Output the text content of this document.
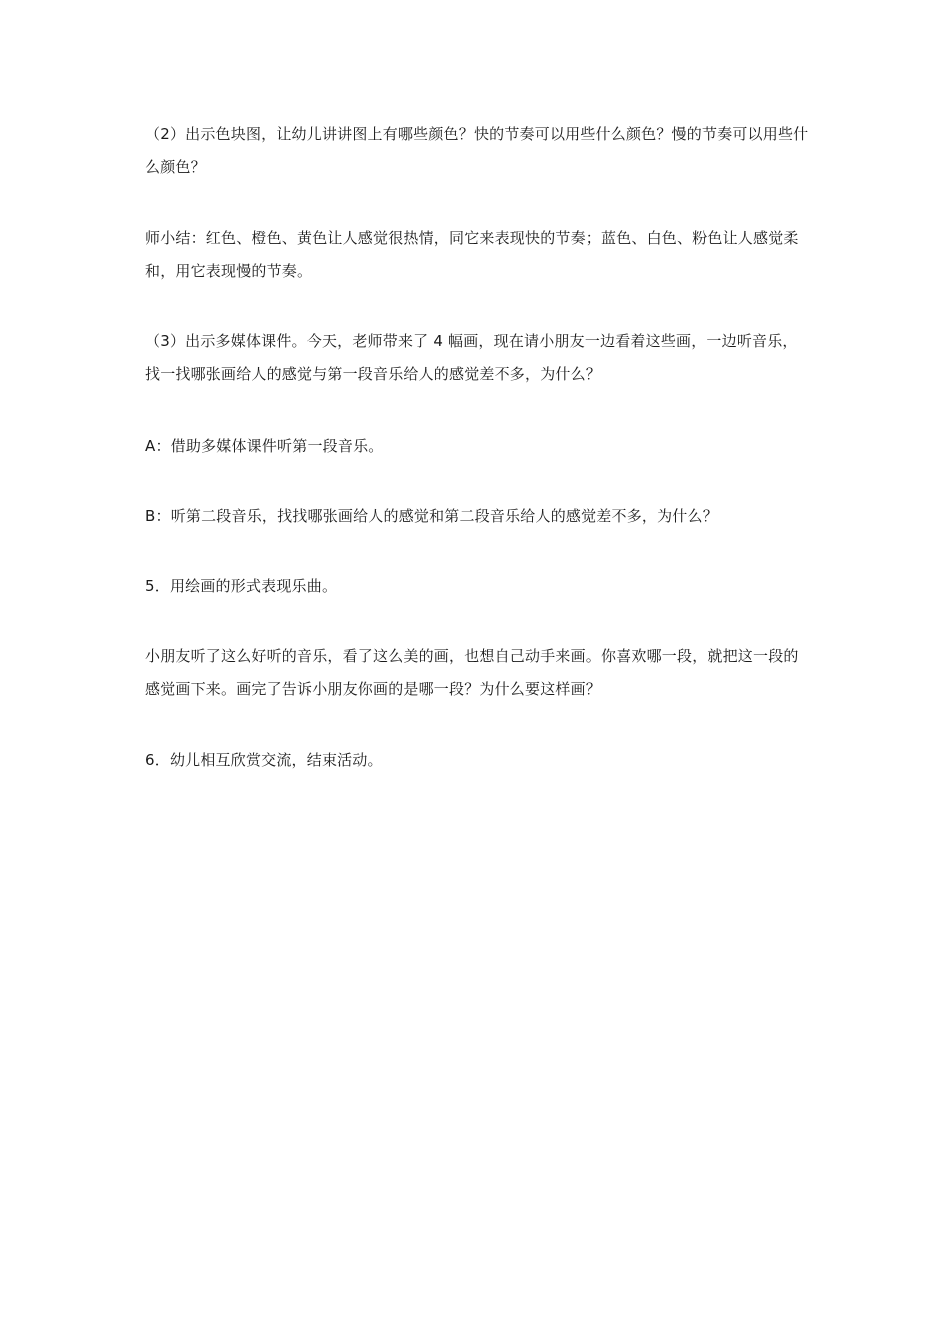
（2）出示色块图，让幼儿讲讲图上有哪些颜色？快的节奏可以用些什么颜色？慢的节奏可以用些什么颜色？

师小结：红色、橙色、黄色让人感觉很热情，同它来表现快的节奏；蓝色、白色、粉色让人感觉柔和，用它表现慢的节奏。

（3）出示多媒体课件。今天，老师带来了 4 幅画，现在请小朋友一边看着这些画，一边听音乐，找一找哪张画给人的感觉与第一段音乐给人的感觉差不多，为什么？

A：借助多媒体课件听第一段音乐。

B：听第二段音乐，找找哪张画给人的感觉和第二段音乐给人的感觉差不多，为什么？

5．用绘画的形式表现乐曲。

小朋友听了这么好听的音乐，看了这么美的画，也想自己动手来画。你喜欢哪一段，就把这一段的感觉画下来。画完了告诉小朋友你画的是哪一段？为什么要这样画？

6．幼儿相互欣赏交流，结束活动。
